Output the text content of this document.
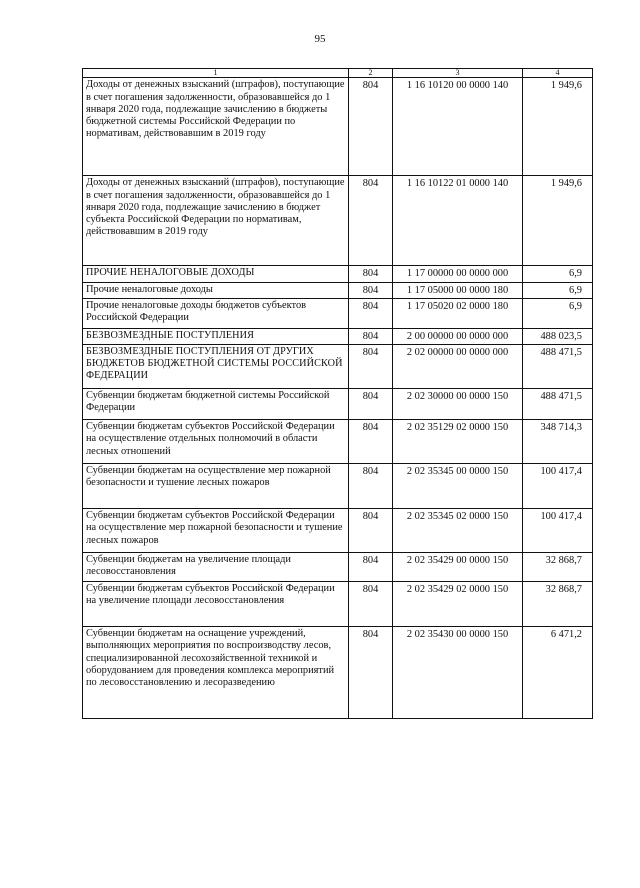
95
1	2	3	4
Доходы от денежных взысканий (штрафов), поступающие в счет погашения задолженности, образовавшейся до 1 января 2020 года, подлежащие зачислению в бюджеты бюджетной системы Российской Федерации по нормативам, действовавшим в 2019 году	804	1 16 10120 00 0000 140	1 949,6
Доходы от денежных взысканий (штрафов), поступающие в счет погашения задолженности, образовавшейся до 1 января 2020 года, подлежащие зачислению в бюджет субъекта Российской Федерации по нормативам, действовавшим в 2019 году	804	1 16 10122 01 0000 140	1 949,6
ПРОЧИЕ НЕНАЛОГОВЫЕ ДОХОДЫ	804	1 17 00000 00 0000 000	6,9
Прочие неналоговые доходы	804	1 17 05000 00 0000 180	6,9
Прочие неналоговые доходы бюджетов субъектов Российской Федерации	804	1 17 05020 02 0000 180	6,9
БЕЗВОЗМЕЗДНЫЕ ПОСТУПЛЕНИЯ	804	2 00 00000 00 0000 000	488 023,5
БЕЗВОЗМЕЗДНЫЕ ПОСТУПЛЕНИЯ ОТ ДРУГИХ БЮДЖЕТОВ БЮДЖЕТНОЙ СИСТЕМЫ РОССИЙСКОЙ ФЕДЕРАЦИИ	804	2 02 00000 00 0000 000	488 471,5
Субвенции бюджетам бюджетной системы Российской Федерации	804	2 02 30000 00 0000 150	488 471,5
Субвенции бюджетам субъектов Российской Федерации на осуществление отдельных полномочий в области лесных отношений	804	2 02 35129 02 0000 150	348 714,3
Субвенции бюджетам на осуществление мер пожарной безопасности и тушение лесных пожаров	804	2 02 35345 00 0000 150	100 417,4
Субвенции бюджетам субъектов Российской Федерации на осуществление мер пожарной безопасности и тушение лесных пожаров	804	2 02 35345 02 0000 150	100 417,4
Субвенции бюджетам на увеличение площади лесовосстановления	804	2 02 35429 00 0000 150	32 868,7
Субвенции бюджетам субъектов Российской Федерации на увеличение площади лесовосстановления	804	2 02 35429 02 0000 150	32 868,7
Субвенции бюджетам на оснащение учреждений, выполняющих мероприятия по воспроизводству лесов, специализированной лесохозяйственной техникой и оборудованием для проведения комплекса мероприятий по лесовосстановлению и лесоразведению	804	2 02 35430 00 0000 150	6 471,2
